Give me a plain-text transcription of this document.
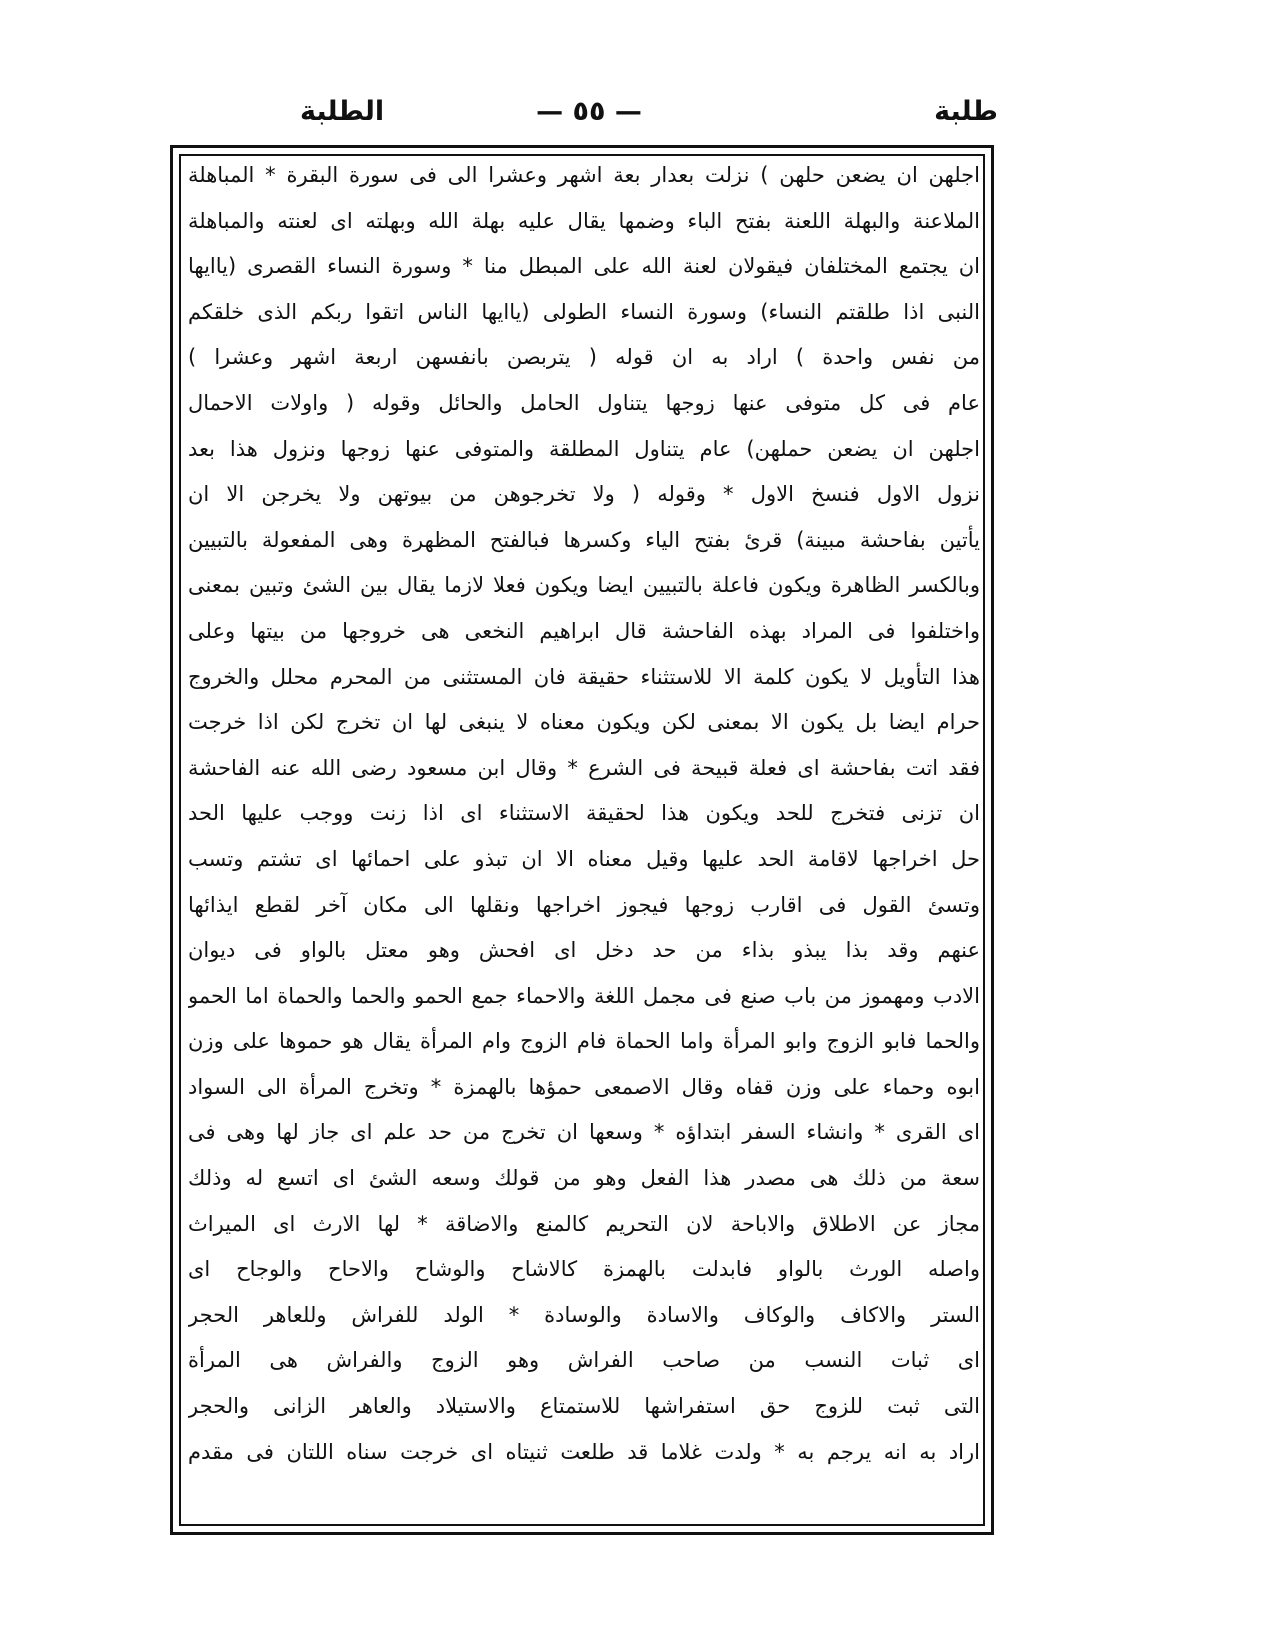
طلبة
— ٥٥ —
الطلبة
اجلهن ان يضعن حلهن ) نزلت بعدار بعة اشهر وعشرا الى فى سورة البقرة * المباهلة
الملاعنة والبهلة اللعنة بفتح الباء وضمها يقال عليه بهلة الله وبهلته اى لعنته والمباهلة
ان يجتمع المختلفان فيقولان لعنة الله على المبطل منا * وسورة النساء القصرى (ياايها
النبى اذا طلقتم النساء) وسورة النساء الطولى (ياايها الناس اتقوا ربكم الذى خلقكم
من نفس واحدة ) اراد به ان قوله ( يتربصن بانفسهن اربعة اشهر وعشرا )
عام فى كل متوفى عنها زوجها يتناول الحامل والحائل وقوله ( واولات الاحمال
اجلهن ان يضعن حملهن) عام يتناول المطلقة والمتوفى عنها زوجها ونزول هذا بعد
نزول الاول فنسخ الاول * وقوله ( ولا تخرجوهن من بيوتهن ولا يخرجن الا ان
يأتين بفاحشة مبينة) قرئ بفتح الياء وكسرها فبالفتح المظهرة وهى المفعولة بالتبيين
وبالكسر الظاهرة ويكون فاعلة بالتبيين ايضا ويكون فعلا لازما يقال بين الشئ وتبين بمعنى
واختلفوا فى المراد بهذه الفاحشة قال ابراهيم النخعى هى خروجها من بيتها وعلى
هذا التأويل لا يكون كلمة الا للاستثناء حقيقة فان المستثنى من المحرم محلل والخروج
حرام ايضا بل يكون الا بمعنى لكن ويكون معناه لا ينبغى لها ان تخرج لكن اذا خرجت
فقد اتت بفاحشة اى فعلة قبيحة فى الشرع * وقال ابن مسعود رضى الله عنه الفاحشة
ان تزنى فتخرج للحد ويكون هذا لحقيقة الاستثناء اى اذا زنت ووجب عليها الحد
حل اخراجها لاقامة الحد عليها وقيل معناه الا ان تبذو على احمائها اى تشتم وتسب
وتسئ القول فى اقارب زوجها فيجوز اخراجها ونقلها الى مكان آخر لقطع ايذائها
عنهم وقد بذا يبذو بذاء من حد دخل اى افحش وهو معتل بالواو فى ديوان
الادب ومهموز من باب صنع فى مجمل اللغة والاحماء جمع الحمو والحما والحماة اما الحمو
والحما فابو الزوج وابو المرأة واما الحماة فام الزوج وام المرأة يقال هو حموها على وزن
ابوه وحماء على وزن قفاه وقال الاصمعى حمؤها بالهمزة * وتخرج المرأة الى السواد
اى القرى * وانشاء السفر ابتداؤه * وسعها ان تخرج من حد علم اى جاز لها وهى فى
سعة من ذلك هى مصدر هذا الفعل وهو من قولك وسعه الشئ اى اتسع له وذلك
مجاز عن الاطلاق والاباحة لان التحريم كالمنع والاضاقة * لها الارث اى الميراث
واصله الورث بالواو فابدلت بالهمزة كالاشاح والوشاح والاحاح والوجاح اى
الستر والاكاف والوكاف والاسادة والوسادة * الولد للفراش وللعاهر الحجر
اى ثبات النسب من صاحب الفراش وهو الزوج والفراش هى المرأة
التى ثبت للزوج حق استفراشها للاستمتاع والاستيلاد والعاهر الزانى والحجر
اراد به انه يرجم به * ولدت غلاما قد طلعت ثنيتاه اى خرجت سناه اللتان فى مقدم
